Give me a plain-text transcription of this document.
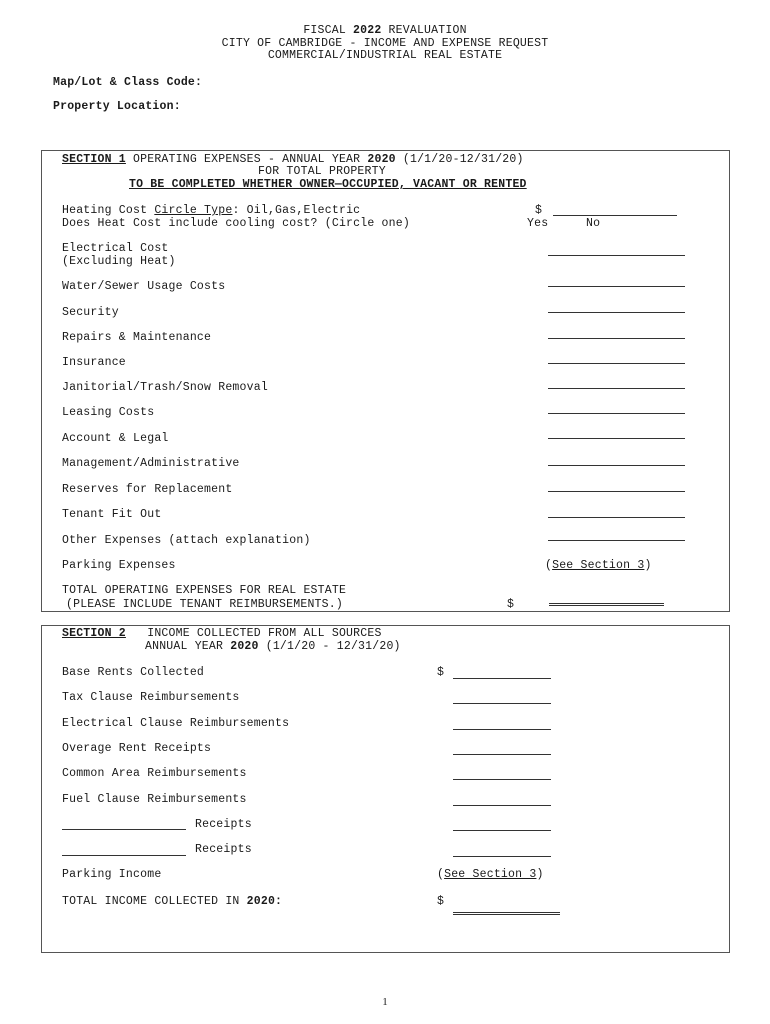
FISCAL 2022 REVALUATION
CITY OF CAMBRIDGE - INCOME AND EXPENSE REQUEST
COMMERCIAL/INDUSTRIAL REAL ESTATE
Map/Lot & Class Code:
Property Location:
SECTION 1 OPERATING EXPENSES - ANNUAL YEAR 2020 (1/1/20-12/31/20)
FOR TOTAL PROPERTY
TO BE COMPLETED WHETHER OWNER—OCCUPIED, VACANT OR RENTED
Heating Cost Circle Type: Oil,Gas,Electric	$
Does Heat Cost include cooling cost? (Circle one)	Yes	No
Electrical Cost
(Excluding Heat)
Water/Sewer Usage Costs
Security
Repairs & Maintenance
Insurance
Janitorial/Trash/Snow Removal
Leasing Costs
Account & Legal
Management/Administrative
Reserves for Replacement
Tenant Fit Out
Other Expenses (attach explanation)
Parking Expenses	(See Section 3)
TOTAL OPERATING EXPENSES FOR REAL ESTATE
(PLEASE INCLUDE TENANT REIMBURSEMENTS.)	$
SECTION 2   INCOME COLLECTED FROM ALL SOURCES
ANNUAL YEAR 2020 (1/1/20 - 12/31/20)
Base Rents Collected	$
Tax Clause Reimbursements
Electrical Clause Reimbursements
Overage Rent Receipts
Common Area Reimbursements
Fuel Clause Reimbursements
Receipts
Receipts
Parking Income	(See Section 3)
TOTAL INCOME COLLECTED IN 2020:	$
1
